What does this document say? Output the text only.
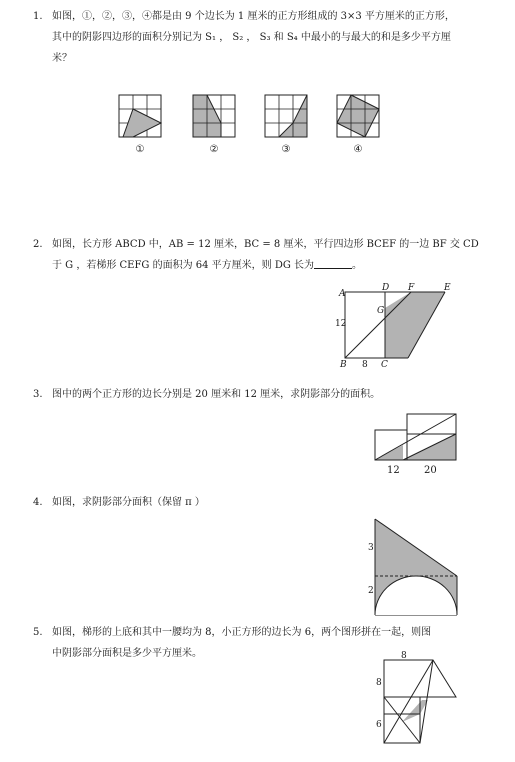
1. 如图，①，②，③，④都是由 9 个边长为 1 厘米的正方形组成的 3×3 平方厘米的正方形，
其中的阴影四边形的面积分别记为 S₁ ， S₂ ， S₃ 和 S₄ 中最小的与最大的和是多少平方厘
米？
①	②	③	④
2. 如图，长方形 ABCD 中，AB = 12 厘米，BC = 8 厘米，平行四边形 BCEF 的一边 BF 交 CD
于 G ，若梯形 CEFG 的面积为 64 平方厘米，则 DG 长为	。
A
D F	E
G
B	C
12
8
3. 图中的两个正方形的边长分别是 20 厘米和 12 厘米，求阴影部分的面积。
12 20
4. 如图，求阴影部分面积（保留 π ）
3
2
5. 如图，梯形的上底和其中一腰均为 8，小正方形的边长为 6，两个图形拼在一起，则图
中阴影部分面积是多少平方厘米。	8
8
6
